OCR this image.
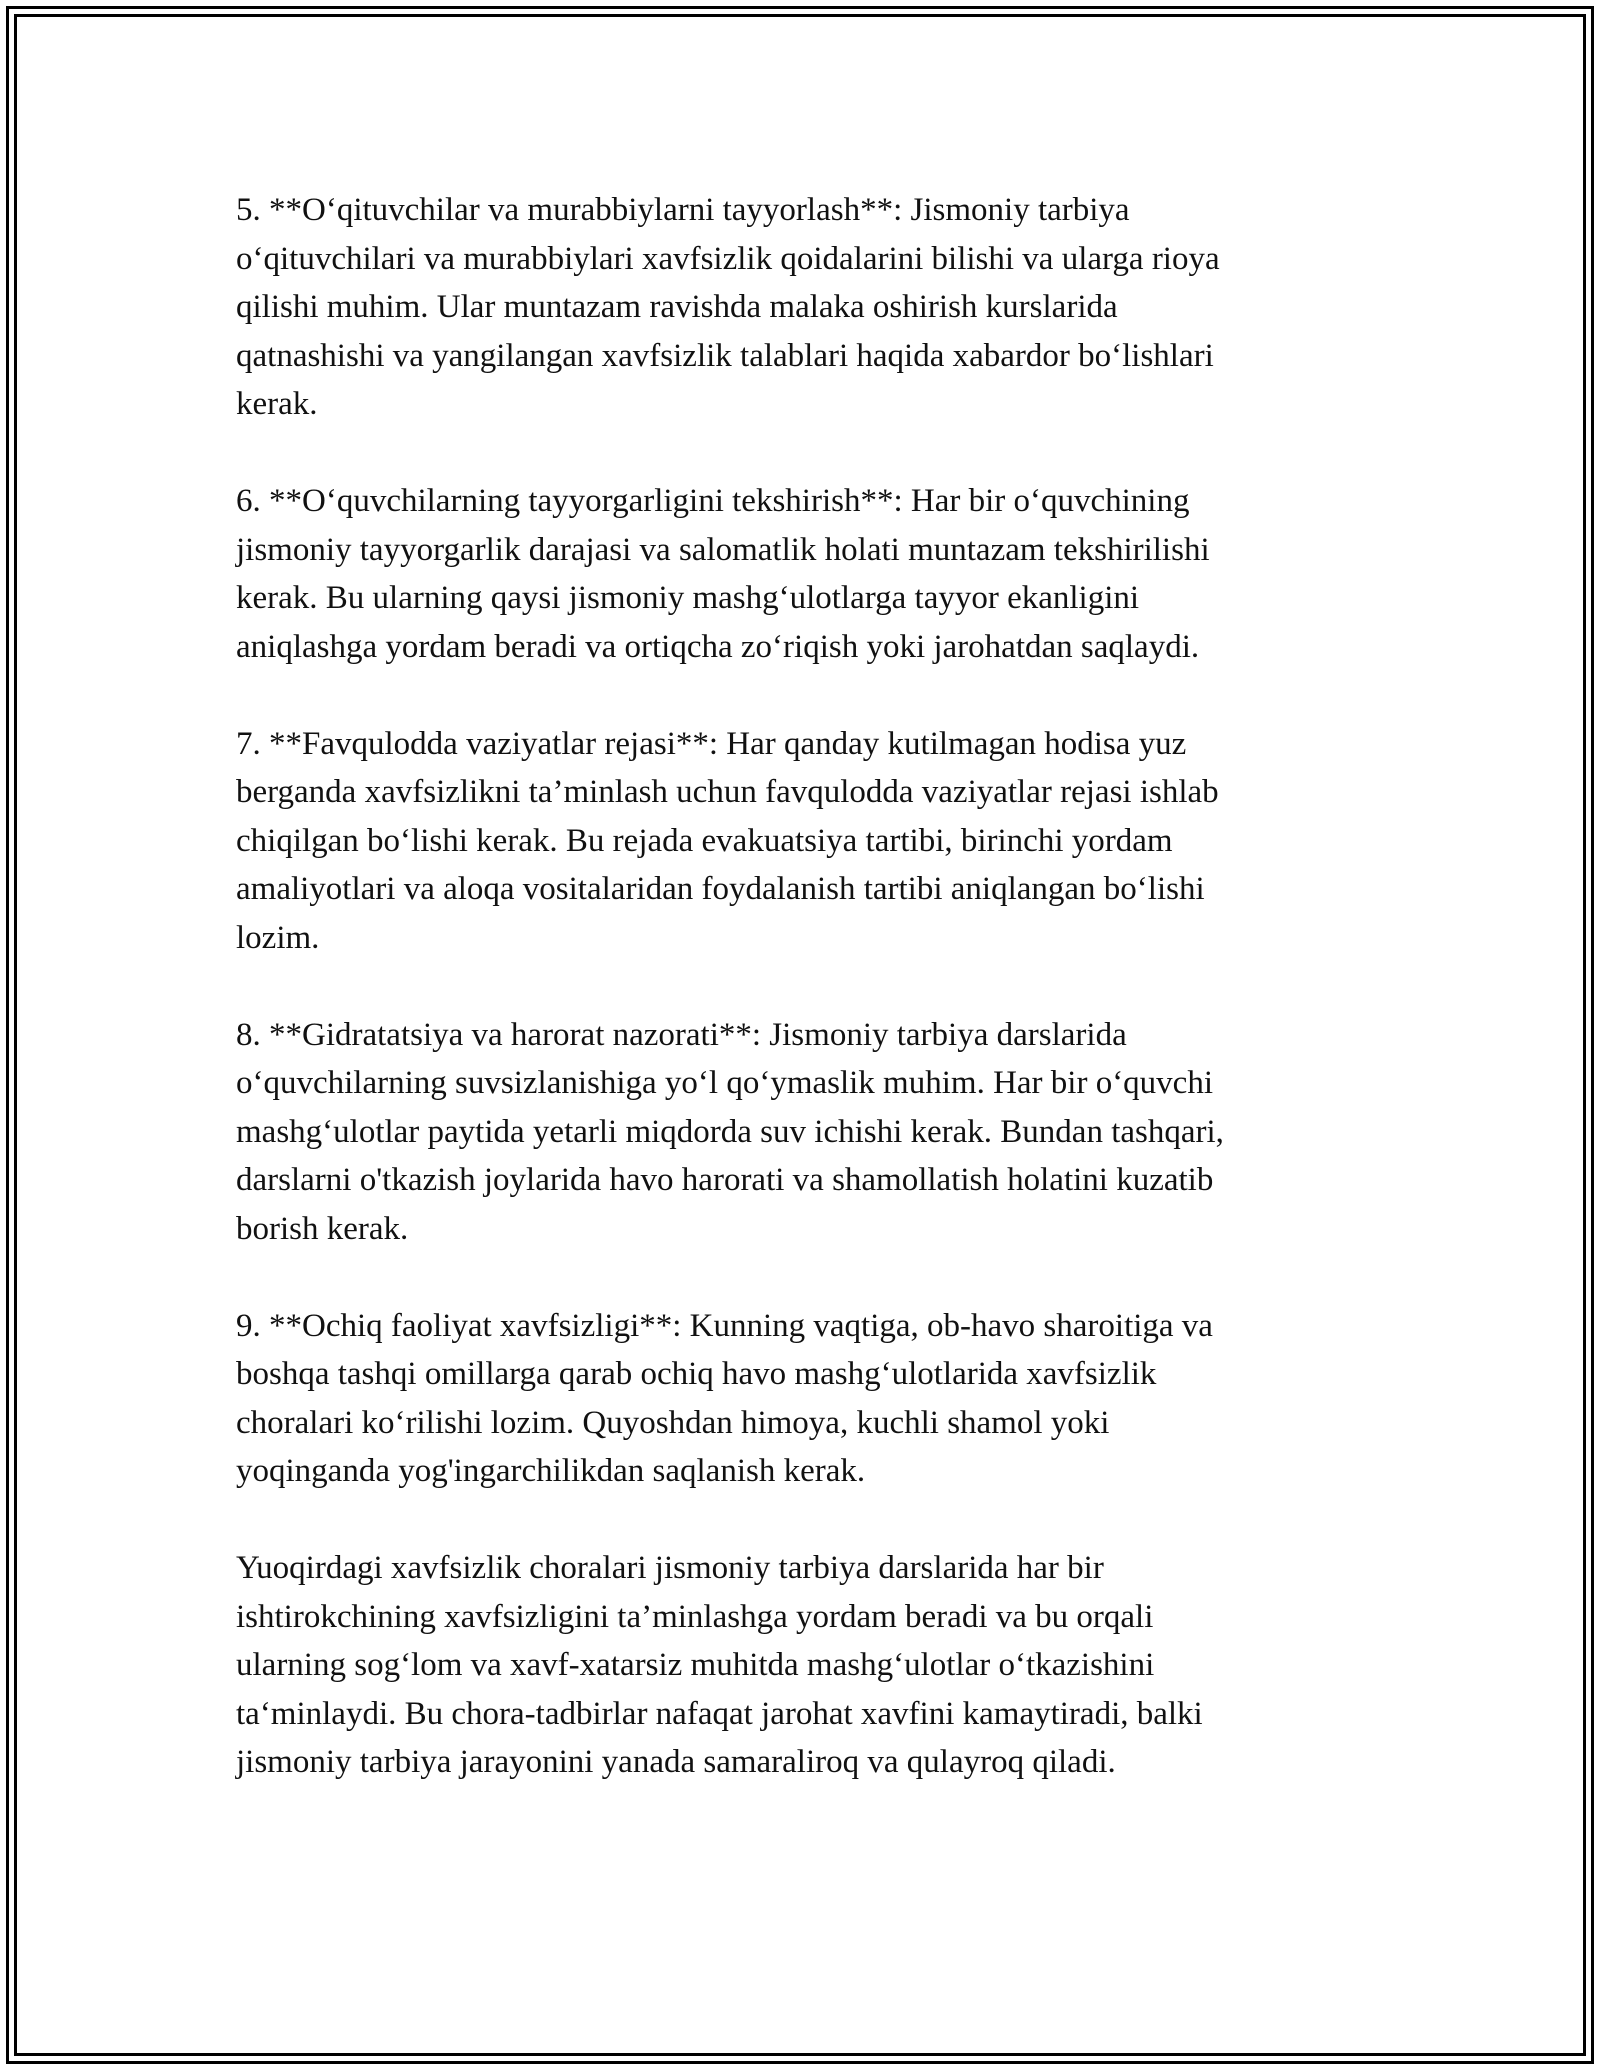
5. **O‘qituvchilar va murabbiylarni tayyorlash**: Jismoniy tarbiya
o‘qituvchilari va murabbiylari xavfsizlik qoidalarini bilishi va ularga rioya
qilishi muhim. Ular muntazam ravishda malaka oshirish kurslarida
qatnashishi va yangilangan xavfsizlik talablari haqida xabardor bo‘lishlari
kerak.

6. **O‘quvchilarning tayyorgarligini tekshirish**: Har bir o‘quvchining
jismoniy tayyorgarlik darajasi va salomatlik holati muntazam tekshirilishi
kerak. Bu ularning qaysi jismoniy mashg‘ulotlarga tayyor ekanligini
aniqlashga yordam beradi va ortiqcha zo‘riqish yoki jarohatdan saqlaydi.

7. **Favqulodda vaziyatlar rejasi**: Har qanday kutilmagan hodisa yuz
berganda xavfsizlikni ta’minlash uchun favqulodda vaziyatlar rejasi ishlab
chiqilgan bo‘lishi kerak. Bu rejada evakuatsiya tartibi, birinchi yordam
amaliyotlari va aloqa vositalaridan foydalanish tartibi aniqlangan bo‘lishi
lozim.

8. **Gidratatsiya va harorat nazorati**: Jismoniy tarbiya darslarida
o‘quvchilarning suvsizlanishiga yo‘l qo‘ymaslik muhim. Har bir o‘quvchi
mashg‘ulotlar paytida yetarli miqdorda suv ichishi kerak. Bundan tashqari,
darslarni o'tkazish joylarida havo harorati va shamollatish holatini kuzatib
borish kerak.

9. **Ochiq faoliyat xavfsizligi**: Kunning vaqtiga, ob-havo sharoitiga va
boshqa tashqi omillarga qarab ochiq havo mashg‘ulotlarida xavfsizlik
choralari ko‘rilishi lozim. Quyoshdan himoya, kuchli shamol yoki
yoqinganda yog'ingarchilikdan saqlanish kerak.

Yuoqirdagi xavfsizlik choralari jismoniy tarbiya darslarida har bir
ishtirokchining xavfsizligini ta’minlashga yordam beradi va bu orqali
ularning sog‘lom va xavf-xatarsiz muhitda mashg‘ulotlar o‘tkazishini
ta‘minlaydi. Bu chora-tadbirlar nafaqat jarohat xavfini kamaytiradi, balki
jismoniy tarbiya jarayonini yanada samaraliroq va qulayroq qiladi.
